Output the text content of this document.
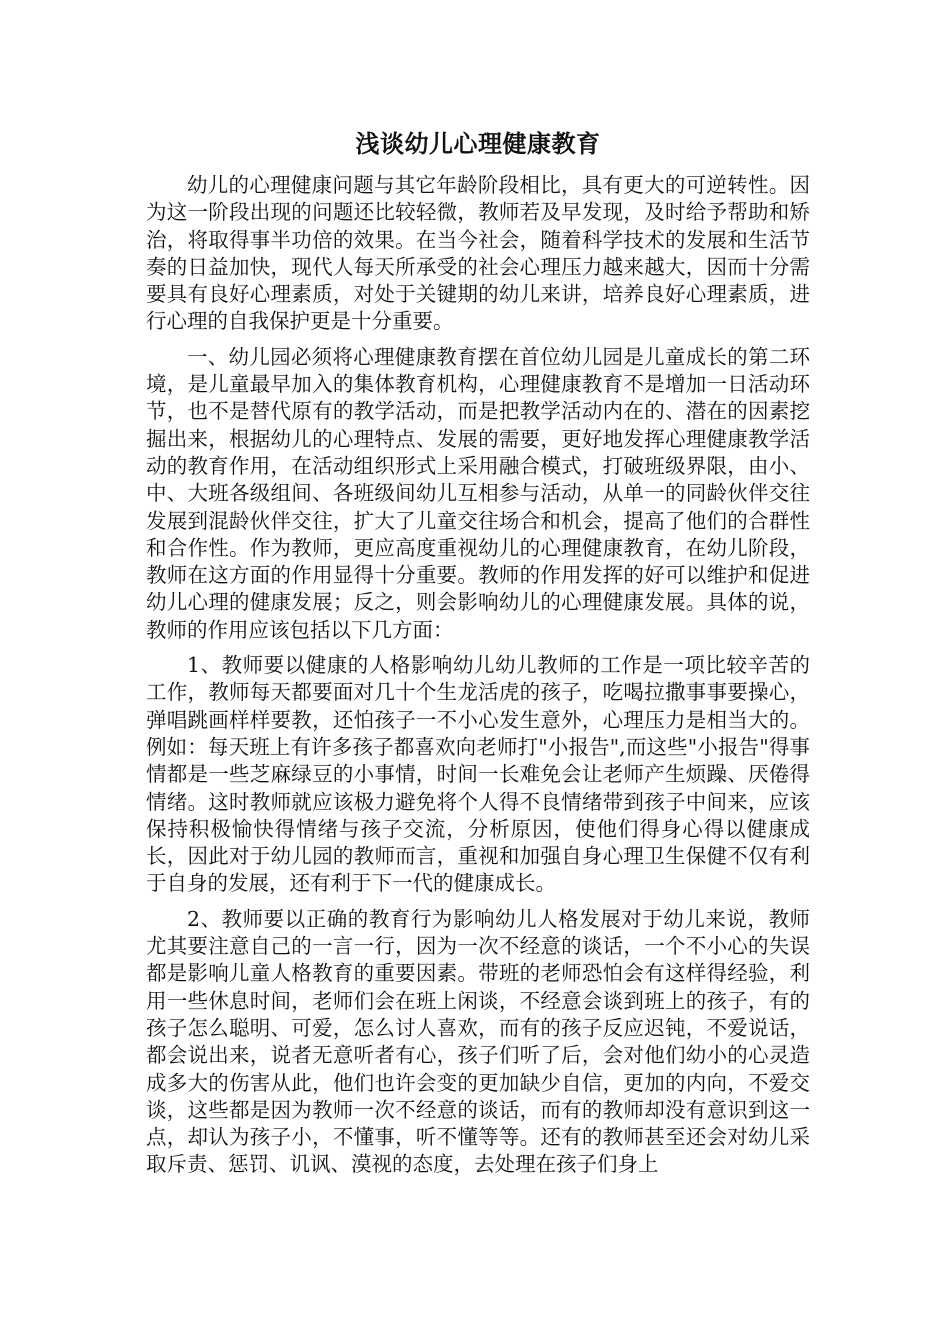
浅谈幼儿心理健康教育

幼儿的心理健康问题与其它年龄阶段相比，具有更大的可逆转性。因为这一阶段出现的问题还比较轻微，教师若及早发现，及时给予帮助和矫治，将取得事半功倍的效果。在当今社会，随着科学技术的发展和生活节奏的日益加快，现代人每天所承受的社会心理压力越来越大，因而十分需要具有良好心理素质，对处于关键期的幼儿来讲，培养良好心理素质，进行心理的自我保护更是十分重要。

一、幼儿园必须将心理健康教育摆在首位幼儿园是儿童成长的第二环境，是儿童最早加入的集体教育机构，心理健康教育不是增加一日活动环节，也不是替代原有的教学活动，而是把教学活动内在的、潜在的因素挖掘出来，根据幼儿的心理特点、发展的需要，更好地发挥心理健康教学活动的教育作用，在活动组织形式上采用融合模式，打破班级界限，由小、中、大班各级组间、各班级间幼儿互相参与活动，从单一的同龄伙伴交往发展到混龄伙伴交往，扩大了儿童交往场合和机会，提高了他们的合群性和合作性。作为教师，更应高度重视幼儿的心理健康教育，在幼儿阶段，教师在这方面的作用显得十分重要。教师的作用发挥的好可以维护和促进幼儿心理的健康发展；反之，则会影响幼儿的心理健康发展。具体的说，教师的作用应该包括以下几方面：

1、教师要以健康的人格影响幼儿幼儿教师的工作是一项比较辛苦的工作，教师每天都要面对几十个生龙活虎的孩子，吃喝拉撒事事要操心，弹唱跳画样样要教，还怕孩子一不小心发生意外，心理压力是相当大的。例如：每天班上有许多孩子都喜欢向老师打"小报告",而这些"小报告"得事情都是一些芝麻绿豆的小事情，时间一长难免会让老师产生烦躁、厌倦得情绪。这时教师就应该极力避免将个人得不良情绪带到孩子中间来，应该保持积极愉快得情绪与孩子交流，分析原因，使他们得身心得以健康成长，因此对于幼儿园的教师而言，重视和加强自身心理卫生保健不仅有利于自身的发展，还有利于下一代的健康成长。

2、教师要以正确的教育行为影响幼儿人格发展对于幼儿来说，教师尤其要注意自己的一言一行，因为一次不经意的谈话，一个不小心的失误都是影响儿童人格教育的重要因素。带班的老师恐怕会有这样得经验，利用一些休息时间，老师们会在班上闲谈，不经意会谈到班上的孩子，有的孩子怎么聪明、可爱，怎么讨人喜欢，而有的孩子反应迟钝，不爱说话，都会说出来，说者无意听者有心，孩子们听了后，会对他们幼小的心灵造成多大的伤害从此，他们也许会变的更加缺少自信，更加的内向，不爱交谈，这些都是因为教师一次不经意的谈话，而有的教师却没有意识到这一点，却认为孩子小，不懂事，听不懂等等。还有的教师甚至还会对幼儿采取斥责、惩罚、讥讽、漠视的态度，去处理在孩子们身上
